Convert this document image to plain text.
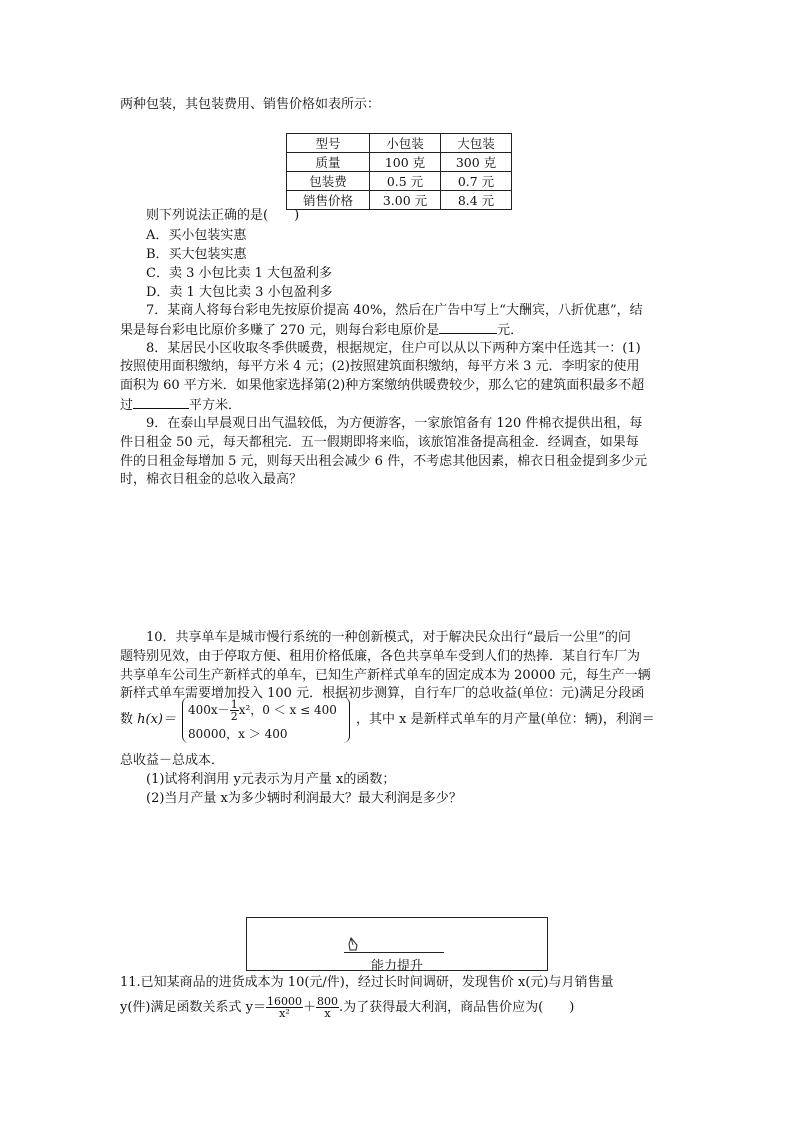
两种包装，其包装费用、销售价格如表所示：
型号	小包装	大包装
质量	100 克	300 克
包装费	0.5 元	0.7 元
销售价格	3.00 元	8.4 元
则下列说法正确的是(　　)
A．买小包装实惠
B．买大包装实惠
C．卖 3 小包比卖 1 大包盈利多
D．卖 1 大包比卖 3 小包盈利多
7．某商人将每台彩电先按原价提高 40%，然后在广告中写上“大酬宾，八折优惠”，结
果是每台彩电比原价多赚了 270 元，则每台彩电原价是	元．
8．某居民小区收取冬季供暖费，根据规定，住户可以从以下两种方案中任选其一：(1)
按照使用面积缴纳，每平方米 4 元；(2)按照建筑面积缴纳，每平方米 3 元．李明家的使用
面积为 60 平方米．如果他家选择第(2)种方案缴纳供暖费较少，那么它的建筑面积最多不超
过	平方米．
9．在泰山早晨观日出气温较低，为方便游客，一家旅馆备有 120 件棉衣提供出租，每
件日租金 50 元，每天都租完．五一假期即将来临，该旅馆准备提高租金．经调查，如果每
件的日租金每增加 5 元，则每天出租会减少 6 件，不考虑其他因素，棉衣日租金提到多少元
时，棉衣日租金的总收入最高？
10．共享单车是城市慢行系统的一种创新模式，对于解决民众出行“最后一公里”的问
题特别见效，由于停取方便、租用价格低廉，各色共享单车受到人们的热捧．某自行车厂为
共享单车公司生产新样式的单车，已知生产新样式单车的固定成本为 20000 元，每生产一辆
新样式单车需要增加投入 100 元．根据初步测算，自行车厂的总收益(单位：元)满足分段函
数 h(x)＝
$400x- \frac{1}{2} x^2$，0 ＜ x ≤ 400
80000，x ＞ 400
，其中 x 是新样式单车的月产量(单位：辆)，利润＝
总收益－总成本．
(1)试将利润用 y元表示为月产量 x的函数；
(2)当月产量 x为多少辆时利润最大？最大利润是多少？
能力提升
11.已知某商品的进货成本为 10(元/件)，经过长时间调研，发现售价 x(元)与月销售量
y(件)满足函数关系式 $y= \frac{16000}{\text{x²}} + \frac{800}{x}$ .为了获得最大利润，商品售价应为(　　)
